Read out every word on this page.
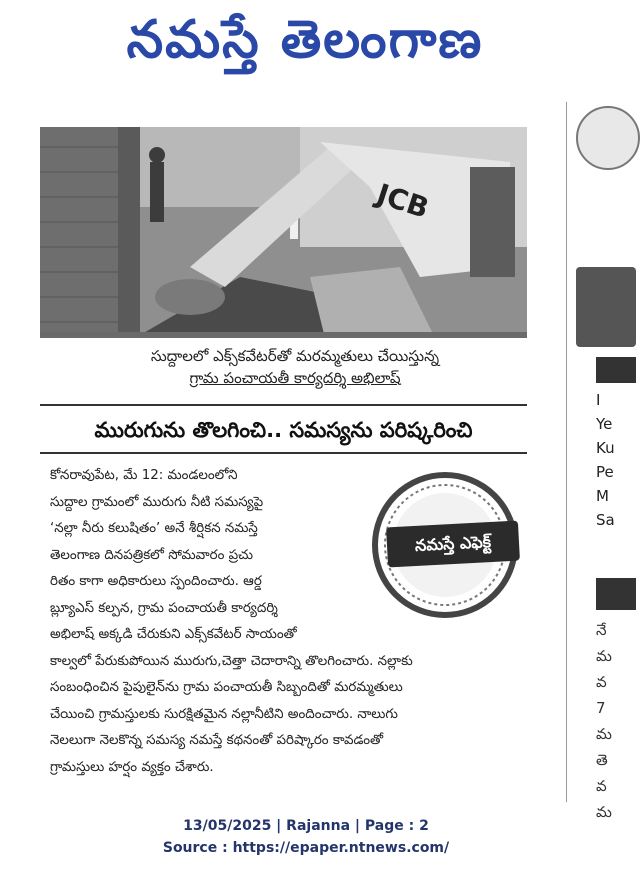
నమస్తే తెలంగాణ
JCB
సుద్దాలలో ఎక్స్‌కవేటర్‌తో మరమ్మతులు చేయిస్తున్న
గ్రామ పంచాయతీ కార్యదర్శి అభిలాష్
మురుగును తొలగించి.. సమస్యను పరిష్కరించి
నమస్తే ఎఫెక్ట్
కోనరావుపేట, మే 12: మండలంలోని
సుద్దాల గ్రామంలో మురుగు నీటి సమస్యపై
‘నల్లా నీరు కలుషితం’ అనే శీర్షికన నమస్తే
తెలంగాణ దినపత్రికలో సోమవారం ప్రచు
రితం కాగా అధికారులు స్పందించారు. ఆర్డ
బ్ల్యూఎస్ కల్పన, గ్రామ పంచాయతీ కార్యదర్శి
అభిలాష్ అక్కడి చేరుకుని ఎక్స్‌కవేటర్ సాయంతో
కాల్వలో పేరుకుపోయిన మురుగు,చెత్తా చెదారాన్ని తొలగించారు. నల్లాకు
సంబంధించిన పైపులైన్‌ను గ్రామ పంచాయతీ సిబ్బందితో మరమ్మతులు
చేయించి గ్రామస్తులకు సురక్షితమైన నల్లానీటిని అందించారు. నాలుగు
నెలలుగా నెలకొన్న సమస్య నమస్తే కథనంతో పరిష్కారం కావడంతో
గ్రామస్తులు హర్షం వ్యక్తం చేశారు.
I
Ye
Ku
Pe
M
Sa
నే
మ
వ
7
మ
తె
వ
మ
13/05/2025 | Rajanna | Page : 2
Source : https://epaper.ntnews.com/
